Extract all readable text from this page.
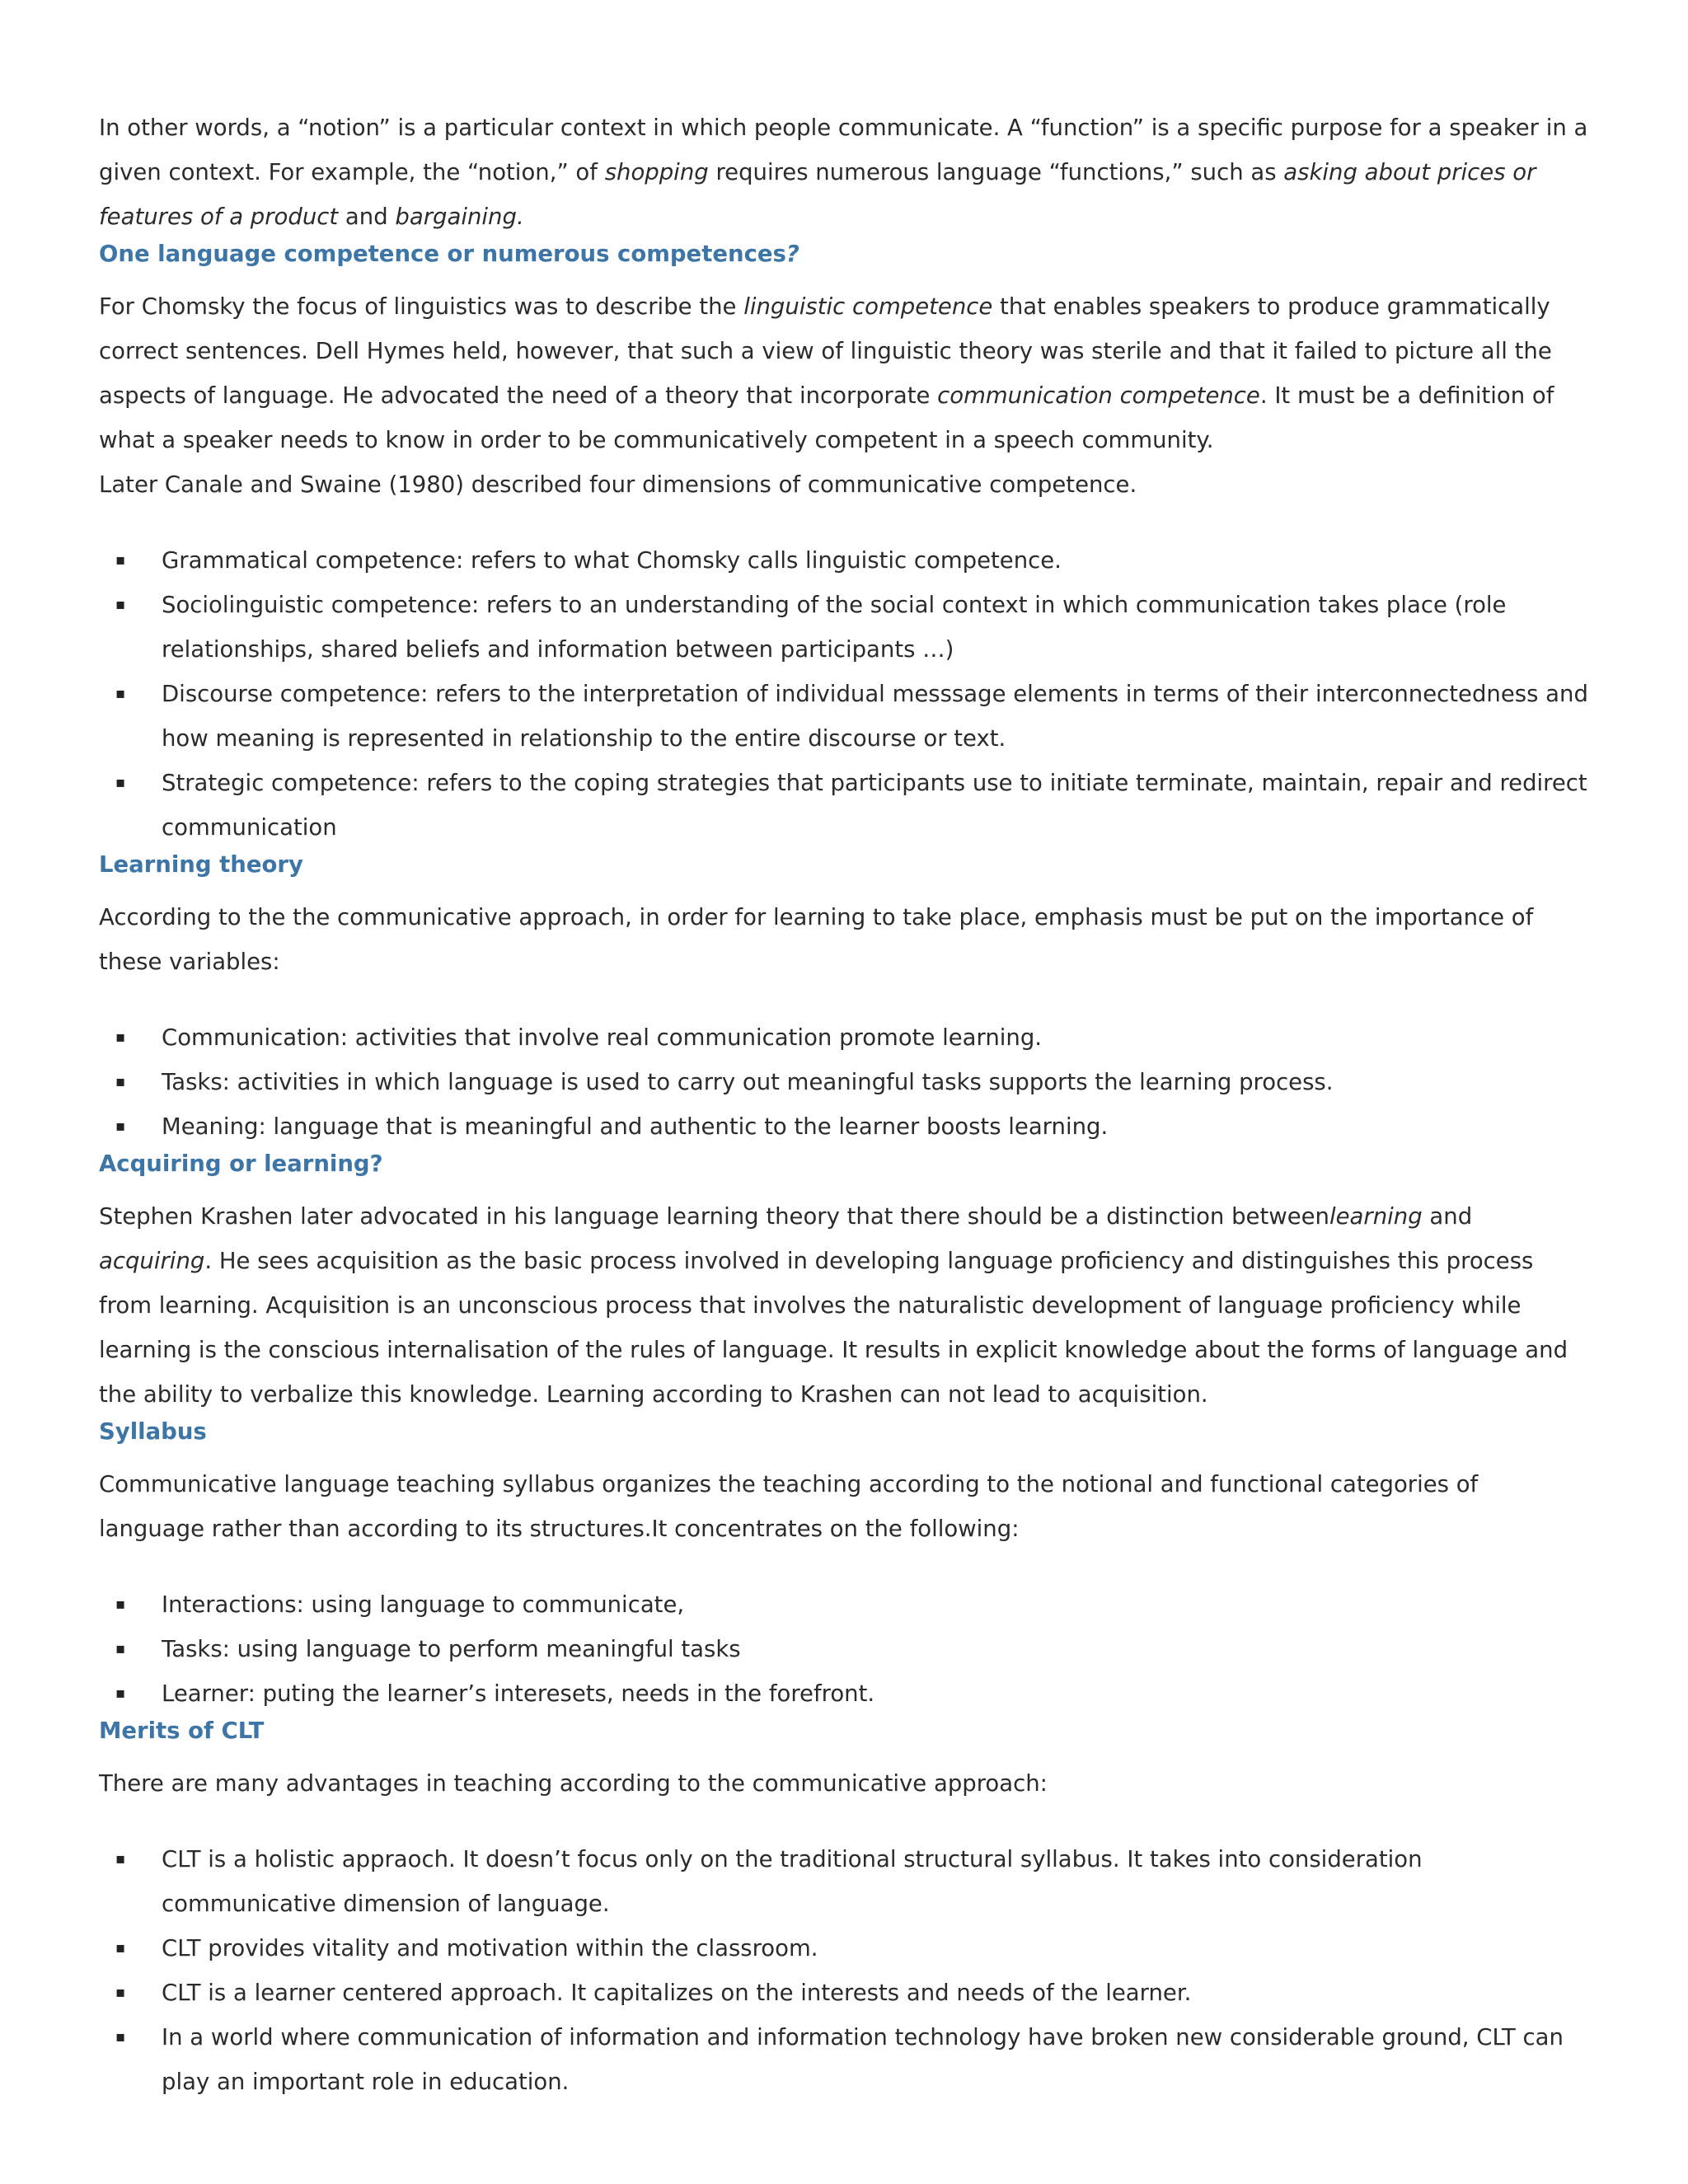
In other words, a “notion” is a particular context in which people communicate. A “function” is a specific purpose for a speaker in a given context. For example, the “notion,” of shopping requires numerous language “functions,” such as asking about prices or features of a product and bargaining.

One language competence or numerous competences?

For Chomsky the focus of linguistics was to describe the linguistic competence that enables speakers to produce grammatically correct sentences. Dell Hymes held, however, that such a view of linguistic theory was sterile and that it failed to picture all the aspects of language. He advocated the need of a theory that incorporate communication competence. It must be a definition of what a speaker needs to know in order to be communicatively competent in a speech community.

Later Canale and Swaine (1980) described four dimensions of communicative competence.

▪ Grammatical competence: refers to what Chomsky calls linguistic competence.
▪ Sociolinguistic competence: refers to an understanding of the social context in which communication takes place (role relationships, shared beliefs and information between participants …)
▪ Discourse competence: refers to the interpretation of individual messsage elements in terms of their interconnectedness and how meaning is represented in relationship to the entire discourse or text.
▪ Strategic competence: refers to the coping strategies that participants use to initiate terminate, maintain, repair and redirect communication
Learning theory

According to the the communicative approach, in order for learning to take place, emphasis must be put on the importance of these variables:

▪ Communication: activities that involve real communication promote learning.
▪ Tasks: activities in which language is used to carry out meaningful tasks supports the learning process.
▪ Meaning: language that is meaningful and authentic to the learner boosts learning.
Acquiring or learning?

Stephen Krashen later advocated in his language learning theory that there should be a distinction betweenlearning and acquiring. He sees acquisition as the basic process involved in developing language proficiency and distinguishes this process from learning. Acquisition is an unconscious process that involves the naturalistic development of language proficiency while learning is the conscious internalisation of the rules of language. It results in explicit knowledge about the forms of language and the ability to verbalize this knowledge. Learning according to Krashen can not lead to acquisition.

Syllabus

Communicative language teaching syllabus organizes the teaching according to the notional and functional categories of language rather than according to its structures.It concentrates on the following:

▪ Interactions: using language to communicate,
▪ Tasks: using language to perform meaningful tasks
▪ Learner: puting the learner’s interesets, needs in the forefront.
Merits of CLT

There are many advantages in teaching according to the communicative approach:

▪ CLT is a holistic appraoch. It doesn’t focus only on the traditional structural syllabus. It takes into consideration communicative dimension of language.
▪ CLT provides vitality and motivation within the classroom.
▪ CLT is a learner centered approach. It capitalizes on the interests and needs of the learner.
▪ In a world where communication of information and information technology have broken new considerable ground, CLT can play an important role in education.
